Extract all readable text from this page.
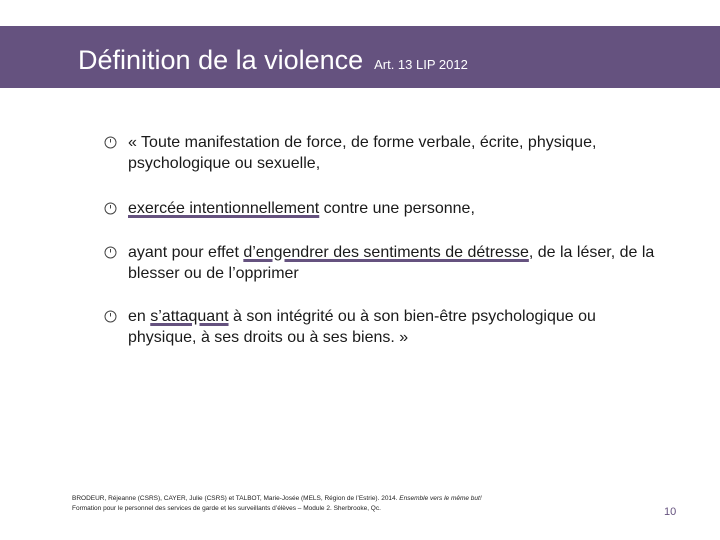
Définition de la violence Art. 13 LIP 2012
« Toute manifestation de force, de forme verbale, écrite, physique, psychologique ou sexuelle,
exercée intentionnellement contre une personne,
ayant pour effet d’engendrer des sentiments de détresse, de la léser, de la blesser ou de l’opprimer
en s’attaquant à son intégrité ou à son bien-être psychologique ou physique, à ses droits ou à ses biens. »
BRODEUR, Réjeanne (CSRS), CAYER, Julie (CSRS) et TALBOT, Marie-Josée (MELS, Région de l’Estrie). 2014. Ensemble vers le même but!
Formation pour le personnel des services de garde et les surveillants d’élèves – Module 2. Sherbrooke, Qc.	10
